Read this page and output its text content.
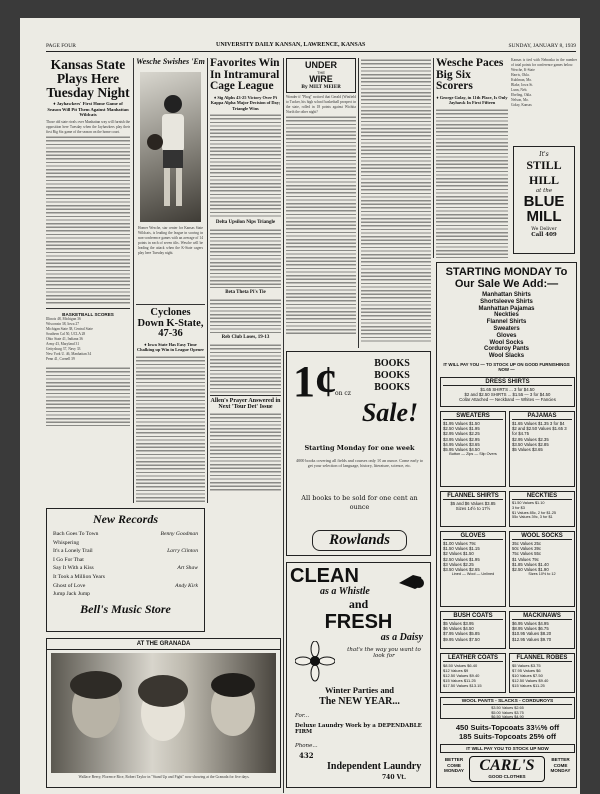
PAGE FOUR	UNIVERSITY DAILY KANSAN, LAWRENCE, KANSAS	SUNDAY, JANUARY 8, 1939
Kansas State Plays Here Tuesday Night
♦ Jayhawkers' First Home Game of Season Will Pit Them Against Manhattan Wildcats
Those old state rivals over Manhattan way will furnish the opposition here Tuesday when the Jayhawkers play their first Big Six game of the season on the home court.
BASKETBALL SCORES
Illinois 48, Michigan 36
Wisconsin 38, Iowa 27
Michigan State 38, Central State
Southern Cal 50, UCLA 28
Ohio State 41, Indiana 36
Army 43, Maryland 31
Gettysburg 37, Navy 33
New York U. 46, Manhattan 34
Penn 41, Cornell 39
Wesche Swishes 'Em
Homer Wesche, star center for Kansas State Wildcats, is leading the league in scoring in non-conference games with an average of 14 points in each of seven tilts. Wesche will be leading the attack when the K-State cagers play here Tuesday night.
Cyclones Down K-State, 47-36
♦ Iowa State Has Easy Time Chalking up Win in League Opener
Favorites Win In Intramural Cage League
♦ Sig Alphs 43-25 Victory Over Pi Kappa Alpha Major Decision of Day; Triangle Wins
Delta Upsilon Nips Triangle
Beta Theta Pi's Tie
Reb Club Loses, 19-13
Allen's Prayer Answered in Next 'Tour Det' Issue
UNDER
THE
WIRE
By MILT MEIER
Wonder if "Phog" noticed that Gerald (Winfield to Tucker, his high school basketball prospect in the state, rolled in 18 points against Wichita North the other night?
Wesche Paces Big Six Scorers
♦ George Golay, in 11th Place, Is Only Jayhawk In First Fifteen
Kansas is tied with Nebraska in the number of total points for conference games below.
Wesche, K-State
Harris, Okla.
Kuhlman, Mo.
Blake, Iowa St.
Lunn, Neb.
Ebeling, Okla.
Nelson, Mo.
Golay, Kansas
It's
STILL
HILL
at the
BLUE
MILL
We Deliver
Call 409
New Records
Bach Goes To Town	Benny Goodman
Whispering
It's a Lonely Trail	Larry Clinton
I Go For That
Say It With a Kiss	Art Shaw
It Took a Million Years
Ghost of Love	Andy Kirk
Jump Jack Jump
Bell's Music Store
AT THE GRANADA
Wallace Beery, Florence Rice, Robert Taylor in "Stand Up and Fight" now showing at the Granada for five days.
1¢
on cz
BOOKS BOOKS BOOKS
Sale!
Starting Monday for one week
4000 books covering all fields and courses only 1¢ an ounce. Come early to get your selection of language, history, literature, science, etc.
All books to be sold for one cent an ounce
Rowlands
CLEAN
as a Whistle
and
FRESH
as a Daisy
that's the way you want to look for
Winter Parties and
The NEW YEAR...
For...
Deluxe Laundry Work by a DEPENDABLE FIRM
Phone...
432
Independent Laundry
740 Vt.
STARTING MONDAY To Our Sale We Add:—
Manhattan Shirts
Shortsleeve Shirts
Manhattan Pajamas
Neckties
Flannel Shirts
Sweaters
Gloves
Wool Socks
Corduroy Pants
Wool Slacks
IT WILL PAY YOU — TO STOCK UP ON GOOD FURNISHINGS NOW —
DRESS SHIRTS
$1.65 SHIRTS ... 3 for $4.50
$2 and $2.50 SHIRTS ... $1.55 — 3 for $4.50
Collar Attached — Neckband — Whites — Fancies
SWEATERS
$1.95 Values $1.50
$2.50 Values $1.95
$2.95 Values $2.25
$3.95 Values $2.95
$4.95 Values $3.65
$5.95 Values $4.50
Button — Zips — Slip Overs
PAJAMAS
$1.65 Values $1.35 3 for $4
$2 and $2.50 Values $1.65 3 for $4.75
$2.95 Values $2.35
$3.50 Values $2.85
$5 Values $3.65
FLANNEL SHIRTS
$5 and $6 Values $3.85
Sizes 14½ to 17½
NECKTIES
$1.50 Values $1.10
3 for $3
$1 Values 85c, 2 for $1.25
55c Values 39c, 3 for $1
GLOVES
$1.00 Values 79c
$1.50 Values $1.15
$2 Values $1.50
$2.50 Values $1.95
$3 Values $2.25
$3.50 Values $2.65
Lined — Wool — Unlined
WOOL SOCKS
35c Values 25c
50c Values 39c
75c Values 55c
$1 Values 79c
$1.85 Values $1.40
$2.50 Values $1.90
Sizes 10½ to 12
BUSH COATS
$5 Values $3.95
$6 Values $4.50
$7.95 Values $5.85
$9.95 Values $7.50
MACKINAWS
$6.95 Values $4.95
$8.95 Values $6.75
$10.95 Values $8.20
$12.95 Values $9.70
LEATHER COATS
$8.50 Values $6.40
$12 Values $9
$12.50 Values $9.40
$15 Values $11.25
$17.50 Values $13.15
FLANNEL ROBES
$5 Values $3.75
$7.95 Values $6
$10 Values $7.50
$12.50 Values $9.40
$15 Values $11.25
WOOL PANTS - SLACKS - CORDUROYS
$3.50 Values $2.65
$5.00 Values $3.75
$6.50 Values $4.90
450 Suits-Topcoats 33⅓% off
185 Suits-Topcoats 25% off
IT WILL PAY YOU TO STOCK UP NOW
BETTER COME MONDAY CARL'S
GOOD CLOTHES
BETTER COME MONDAY
